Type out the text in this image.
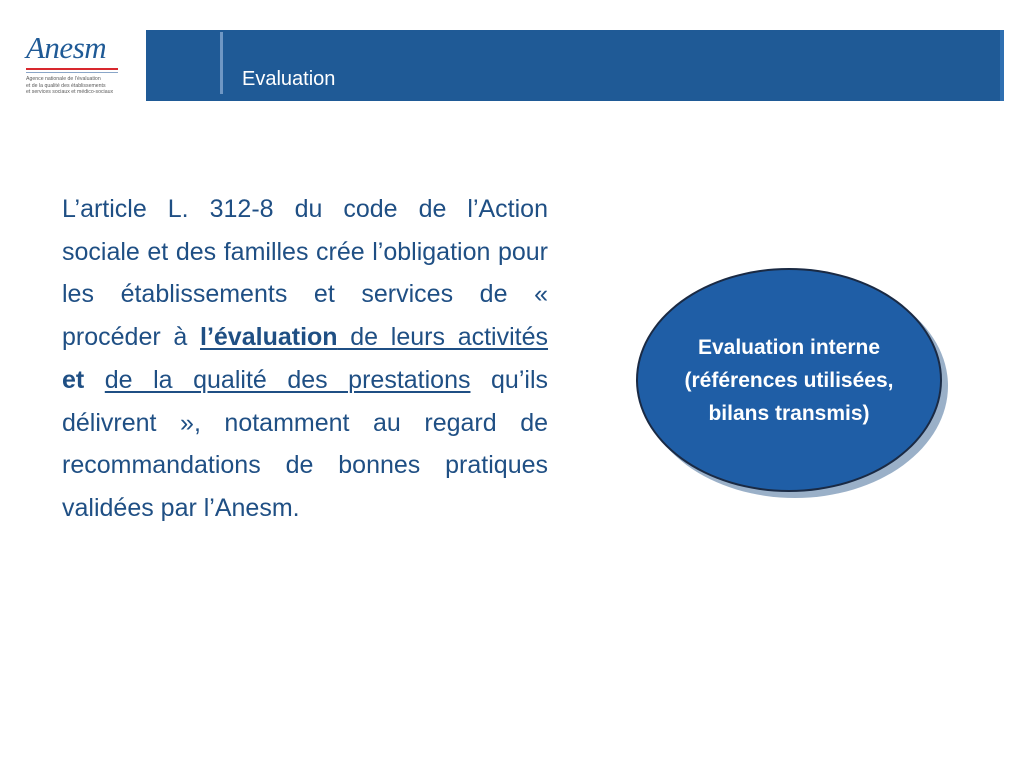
Anesm
Agence nationale de l’évaluation
et de la qualité des établissements
et services sociaux et médico-sociaux
Evaluation

L’article L. 312-8 du code de l’Action sociale et des familles crée l’obligation pour les établissements et services de « procéder à l’évaluation de leurs activités et de la qualité des prestations qu’ils délivrent », notamment au regard de recommandations de bonnes pratiques validées par l’Anesm.

Evaluation interne
(références utilisées,
bilans transmis)
